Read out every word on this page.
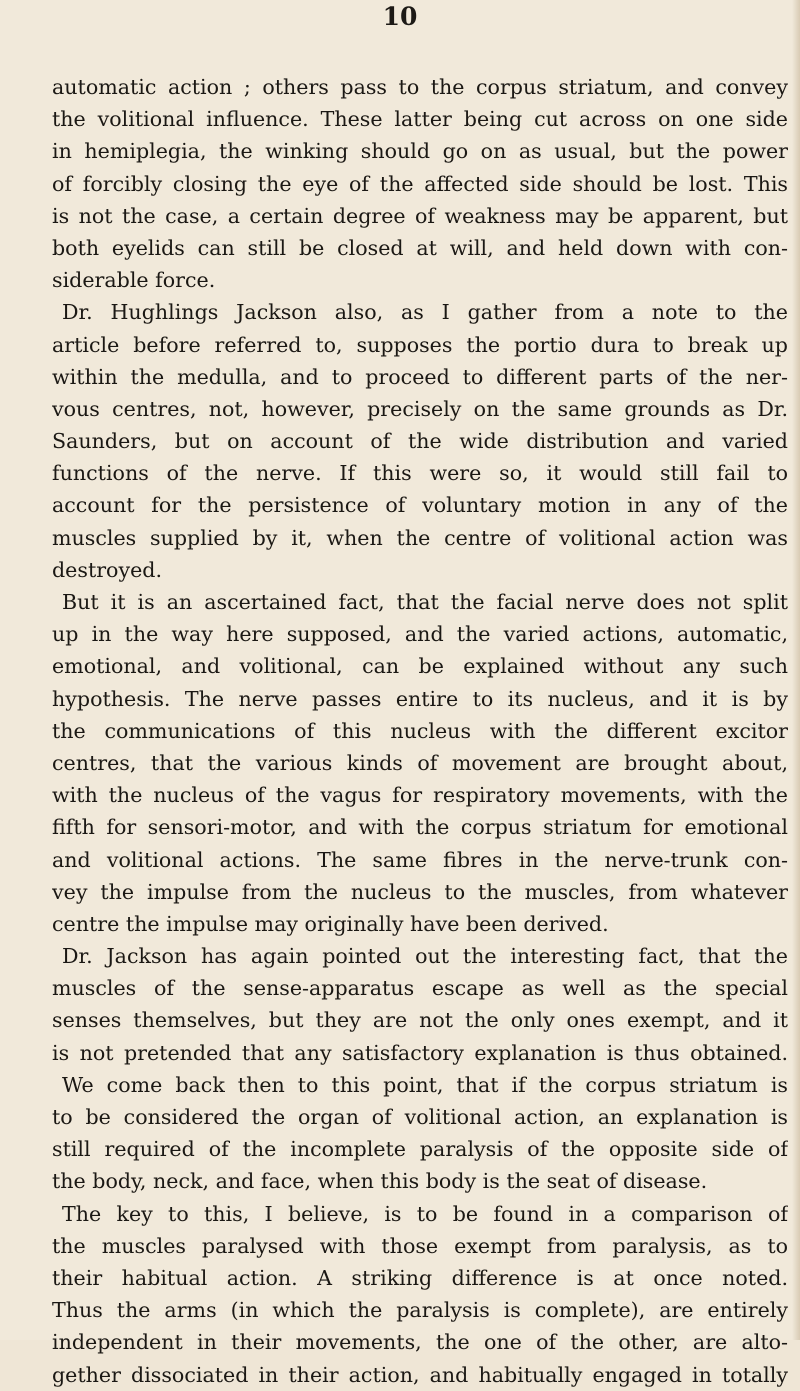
10
automatic action ; others pass to the corpus striatum, and convey
the volitional influence. These latter being cut across on one side
in hemiplegia, the winking should go on as usual, but the power
of forcibly closing the eye of the affected side should be lost. This
is not the case, a certain degree of weakness may be apparent, but
both eyelids can still be closed at will, and held down with con-
siderable force.
Dr. Hughlings Jackson also, as I gather from a note to the
article before referred to, supposes the portio dura to break up
within the medulla, and to proceed to different parts of the ner-
vous centres, not, however, precisely on the same grounds as Dr.
Saunders, but on account of the wide distribution and varied
functions of the nerve. If this were so, it would still fail to
account for the persistence of voluntary motion in any of the
muscles supplied by it, when the centre of volitional action was
destroyed.
But it is an ascertained fact, that the facial nerve does not split
up in the way here supposed, and the varied actions, automatic,
emotional, and volitional, can be explained without any such
hypothesis. The nerve passes entire to its nucleus, and it is by
the communications of this nucleus with the different excitor
centres, that the various kinds of movement are brought about,
with the nucleus of the vagus for respiratory movements, with the
fifth for sensori-motor, and with the corpus striatum for emotional
and volitional actions. The same fibres in the nerve-trunk con-
vey the impulse from the nucleus to the muscles, from whatever
centre the impulse may originally have been derived.
Dr. Jackson has again pointed out the interesting fact, that the
muscles of the sense-apparatus escape as well as the special
senses themselves, but they are not the only ones exempt, and it
is not pretended that any satisfactory explanation is thus obtained.
We come back then to this point, that if the corpus striatum is
to be considered the organ of volitional action, an explanation is
still required of the incomplete paralysis of the opposite side of
the body, neck, and face, when this body is the seat of disease.
The key to this, I believe, is to be found in a comparison of
the muscles paralysed with those exempt from paralysis, as to
their habitual action. A striking difference is at once noted.
Thus the arms (in which the paralysis is complete), are entirely
independent in their movements, the one of the other, are alto-
gether dissociated in their action, and habitually engaged in totally
